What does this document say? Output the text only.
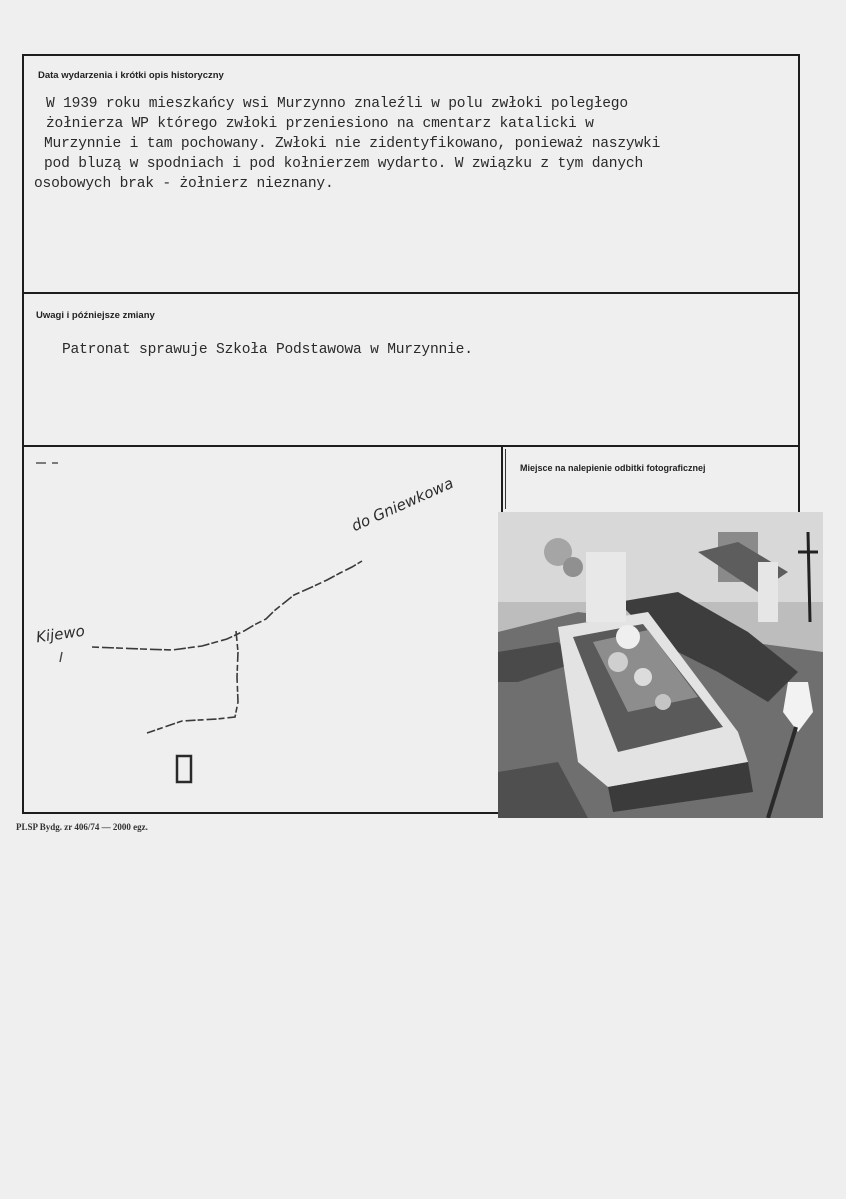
Data wydarzenia i krótki opis historyczny
W 1939 roku mieszkańcy wsi Murzynno znaleźli w polu zwłoki poległego
żołnierza WP którego zwłoki przeniesiono na cmentarz katalicki w
Murzynnie i tam pochowany. Zwłoki nie zidentyfikowano, ponieważ naszywki
pod bluzą w spodniach i pod kołnierzem wydarto. W związku z tym danych
osobowych brak - żołnierz nieznany.
Uwagi i późniejsze zmiany
Patronat sprawuje Szkoła Podstawowa w Murzynnie.
Kijewo
do Gniewkowa
Miejsce na nalepienie odbitki fotograficznej
PLSP Bydg. zr 406/74 — 2000 egz.
